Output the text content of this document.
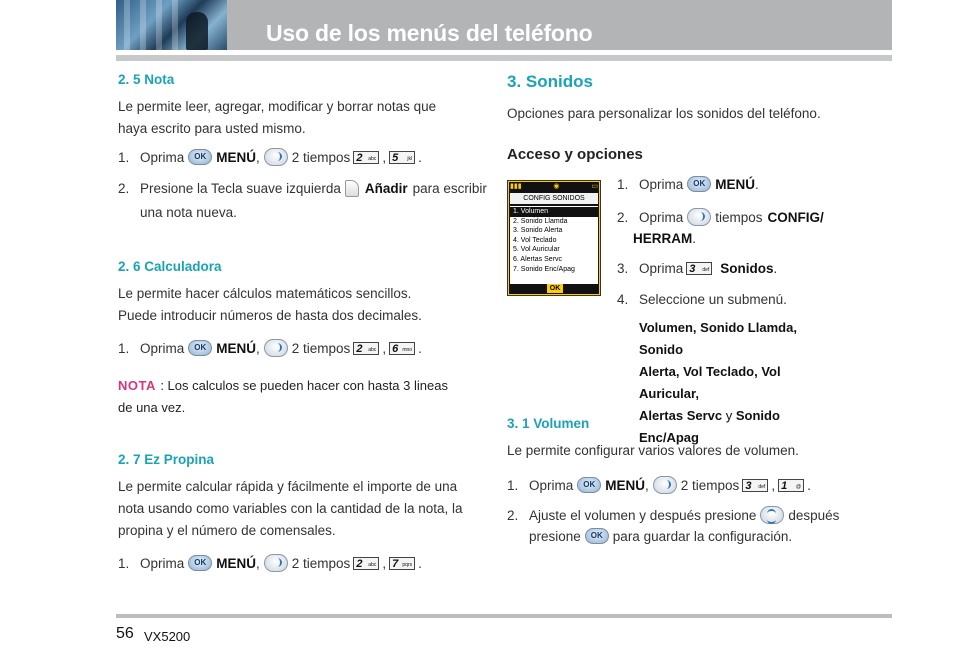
Uso de los menús del teléfono
2. 5 Nota
Le permite leer, agregar, modificar y borrar notas que haya escrito para usted mismo.
1. Oprima	OK MENÚ , 2 tiempos 2 abc , 5 jkl .
2. Presione la Tecla suave izquierda Añadir para escribir
una nota nueva.
2. 6 Calculadora
Le permite hacer cálculos matemáticos sencillos. Puede introducir números de hasta dos decimales.
1. Oprima	OK MENÚ , 2 tiempos 2 abc , 6 mno .
NOTA : Los calculos se pueden hacer con hasta 3 lineas de una vez.
2. 7 Ez Propina
Le permite calcular rápida y fácilmente el importe de una nota usando como variables con la cantidad de la nota, la propina y el número de comensales.
1. Oprima	OK MENÚ , 2 tiempos 2 abc , 7 pqrs .
3. Sonidos
Opciones para personalizar los sonidos del teléfono.
Acceso y opciones
▮▮▮	◉	▭
CONFIG SONIDOS
1. Volumen
2. Sonido Llamda
3. Sonido Alerta
4. Vol Teclado
5. Vol Auricular
6. Alertas Servc
7. Sonido Enc/Apag
OK
1. Oprima	OK MENÚ .
2. Oprima tiempos CONFIG/
HERRAM .
3. Oprima 3 def Sonidos .
4. Seleccione un submenú.
Volumen, Sonido Llamda, Sonido
Alerta, Vol Teclado, Vol Auricular,
Alertas Servc y Sonido Enc/Apag
3. 1 Volumen
Le permite configurar varios valores de volumen.
1. Oprima	OK MENÚ , 2 tiempos 3 def , 1 @ .
2. Ajuste el volumen y después presione después
presione	OK para guardar la configuración.
56 VX5200
